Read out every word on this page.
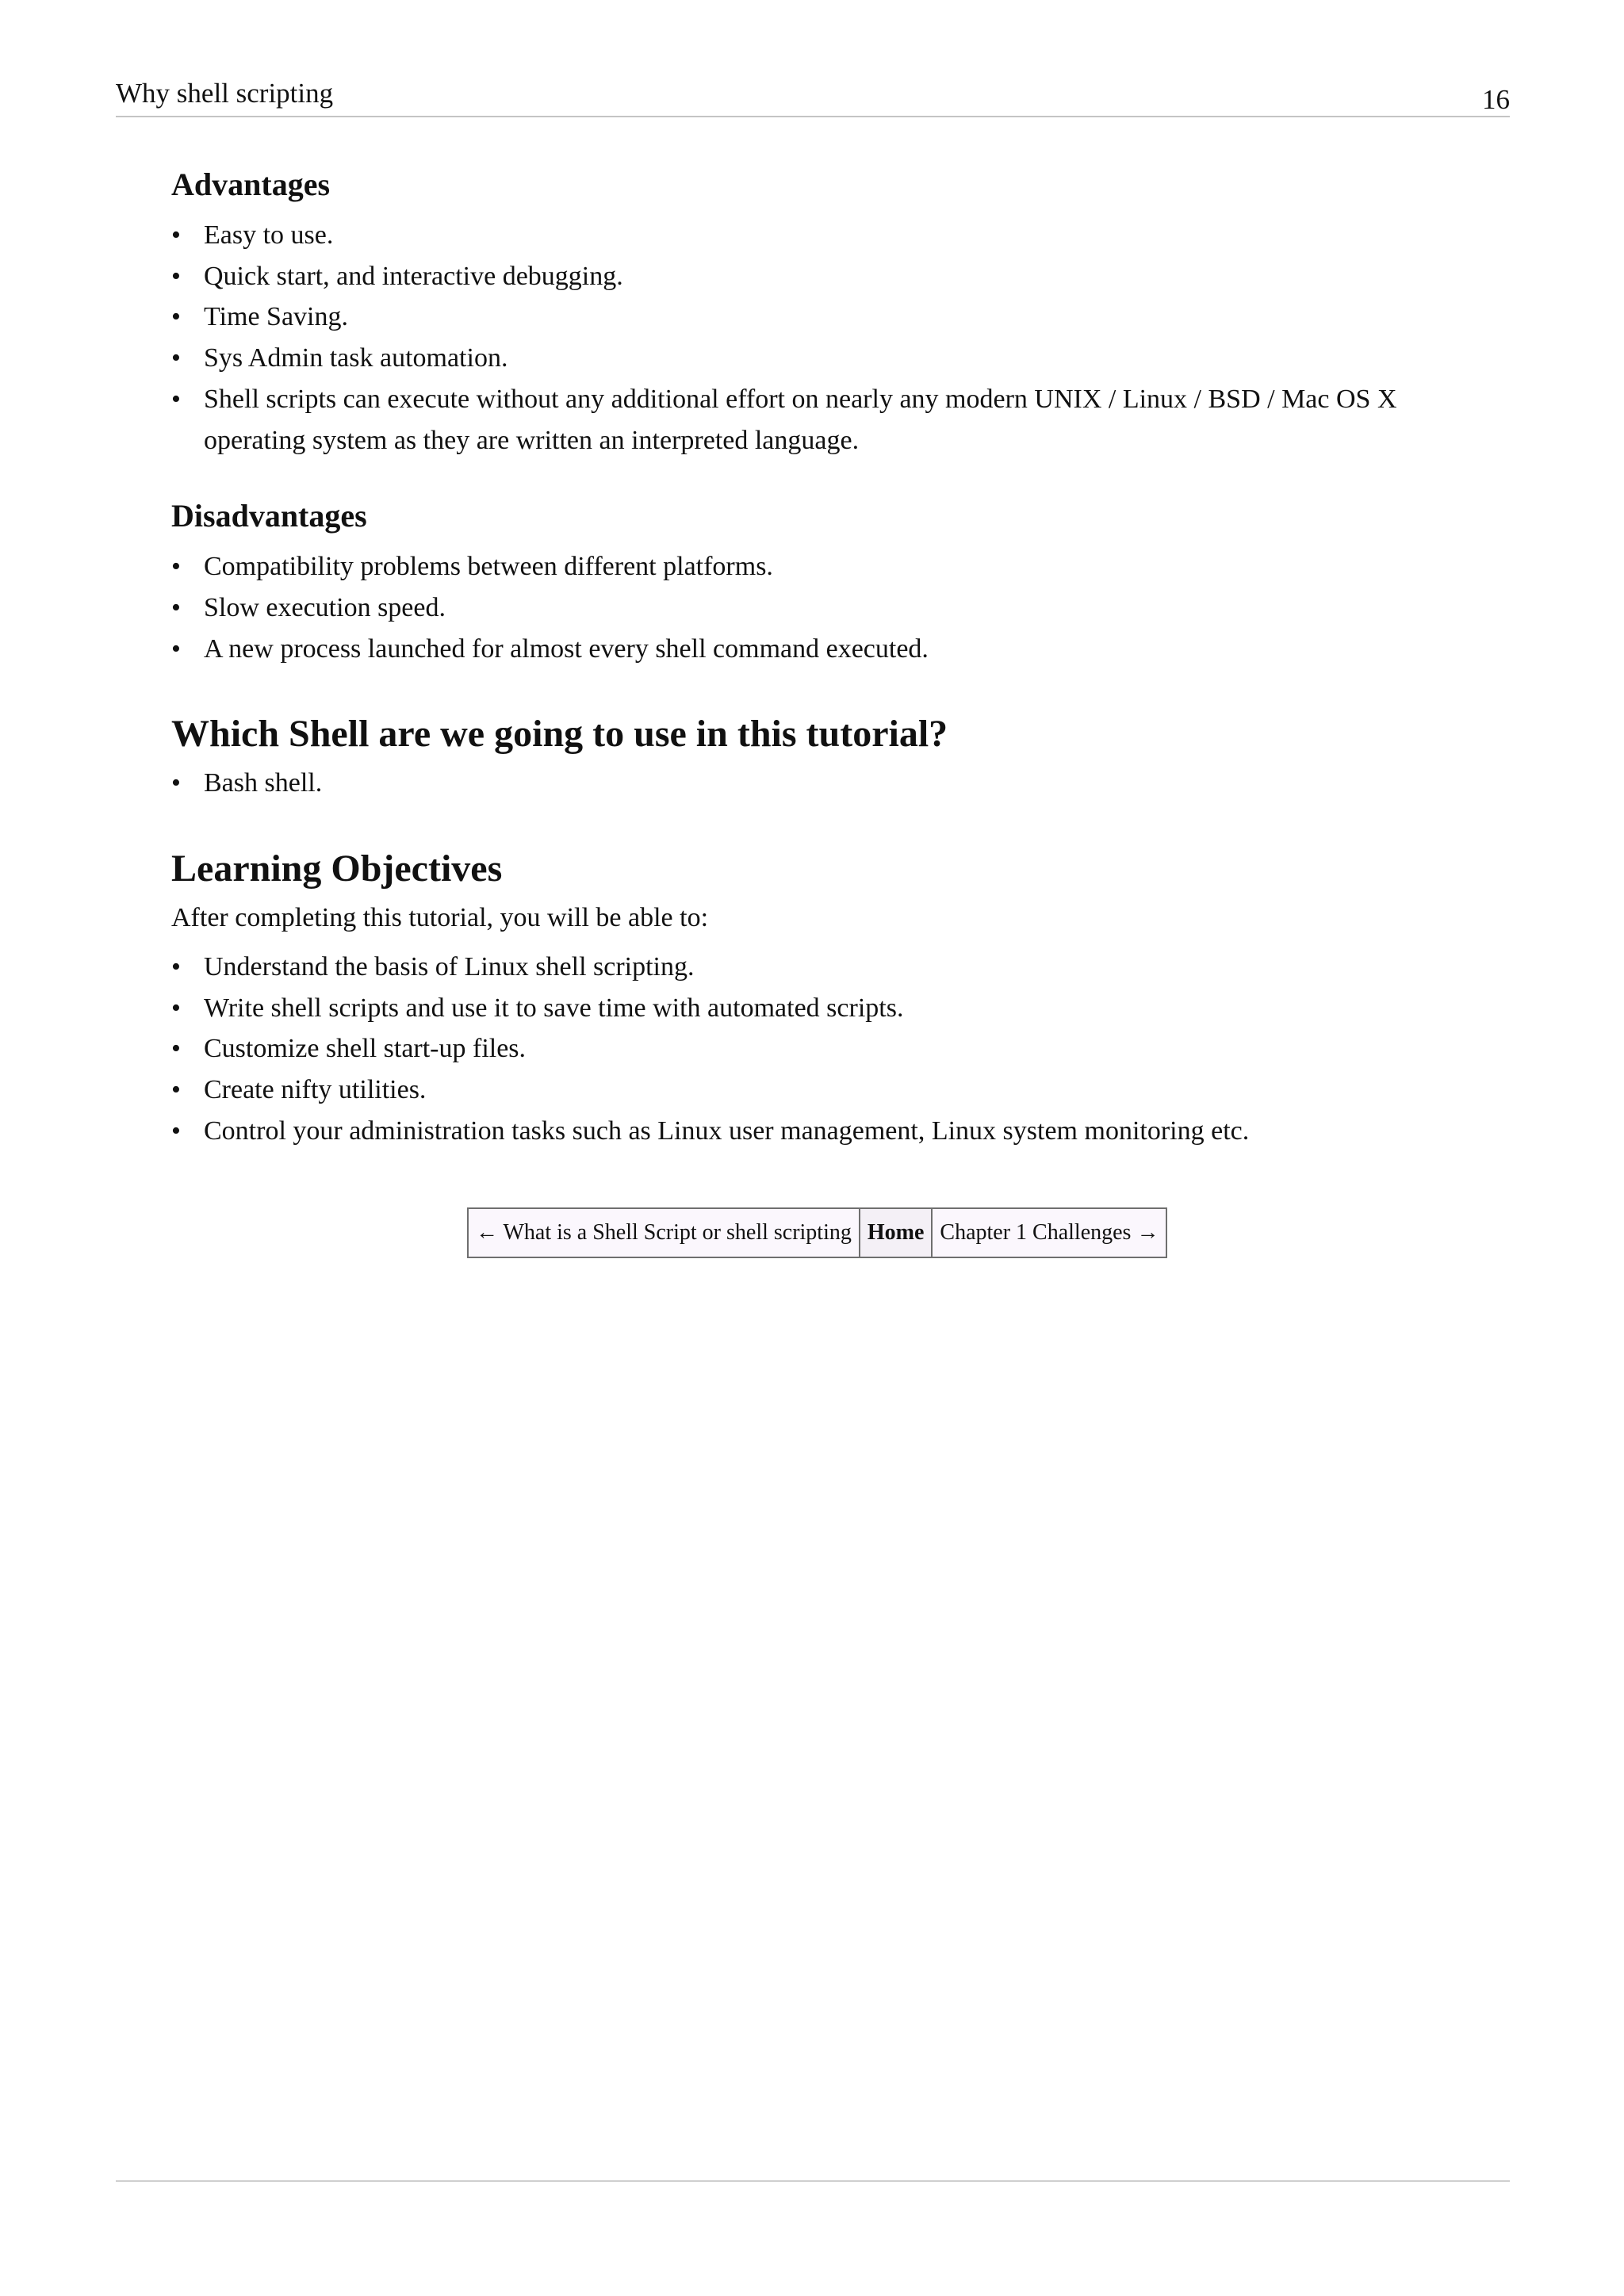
Why shell scripting	16
Advantages
• Easy to use.
• Quick start, and interactive debugging.
• Time Saving.
• Sys Admin task automation.
• Shell scripts can execute without any additional effort on nearly any modern UNIX / Linux / BSD / Mac OS X operating system as they are written an interpreted language.
Disadvantages
• Compatibility problems between different platforms.
• Slow execution speed.
• A new process launched for almost every shell command executed.
Which Shell are we going to use in this tutorial?
• Bash shell.
Learning Objectives

After completing this tutorial, you will be able to:

• Understand the basis of Linux shell scripting.
• Write shell scripts and use it to save time with automated scripts.
• Customize shell start-up files.
• Create nifty utilities.
• Control your administration tasks such as Linux user management, Linux system monitoring etc.
← What is a Shell Script or shell scripting Home Chapter 1 Challenges →
